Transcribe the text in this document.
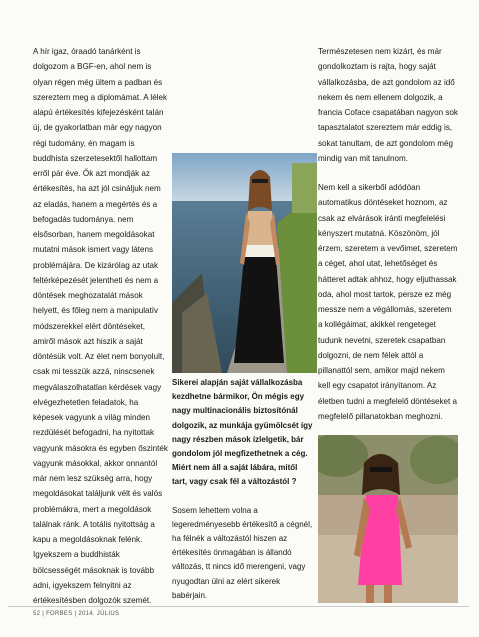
A hír igaz, óraadó tanárként is dolgozom a BGF-en, ahol nem is olyan régen még ültem a padban és szereztem meg a diplomámat. A lélek alapú értékesítés kifejezésként talán új, de gyakorlatban már egy nagyon régi tudomány, én magam is buddhista szerzetesektől hallottam erről pár éve. Ők azt mondják az értékesítés, ha azt jól csináljuk nem az eladás, hanem a megértés és a befogadás tudománya. nem elsősorban, hanem megoldásokat mutatni mások ismert vagy látens problémájára. De kizárólag az utak feltérképezését jelentheti és nem a döntések meghozatalát mások helyett, és főleg nem a manipulatív módszerekkel elért döntéseket, amiről mások azt hiszik a saját döntésük volt. Az élet nem bonyolult, csak mi tesszük azzá, ninscsenek megválaszolhatatlan kérdések vagy elvégezhetetlen feladatok, ha képesek vagyunk a világ minden rezdülését befogadni, ha nyitottak vagyunk másokra és egyben őszinték vagyunk másokkal, akkor onnantól már nem lesz szükség arra, hogy megoldásokat találjunk vélt és valós problémákra, mert a megoldások találnak ránk. A totális nyitottság a kapu a megoldásoknak felénk. Igyekszem a buddhisták bölcsességét másoknak is tovább adni, igyekszem felnyitni az értékesítésben dolgozók szemét.

Sikerei alapján saját vállalkozásba kezdhetne bármikor, Ön mégis egy nagy multinacionális biztosítónál dolgozik, az munkája gyümölcsét így nagy részben mások ízlelgetik, bár gondolom jól megfizethetnek a cég. Miért nem áll a saját lábára, mitől tart, vagy csak fél a változástól ?

Sosem lehettem volna a legeredményesebb értékesítő a cégnél, ha félnék a változástól hiszen az értékesítés önmagában is állandó változás, tt nincs idő merengeni, vagy nyugodtan ülni az elért sikerek babérjain.

Természetesen nem kizárt, és már gondolkoztam is rajta, hogy saját vállalkozásba, de azt gondolom az idő nekem és nem ellenem dolgozik, a francia Coface csapatában nagyon sok tapasztalatot szereztem már eddig is, sokat tanultam, de azt gondolom még mindig van mit tanulnom.

Nem kell a sikerből adódóan automatikus döntéseket hoznom, az csak az elvárások iránti megfelelési kényszert mutatná. Köszönöm, jól érzem, szeretem a vevőimet, szeretem a céget, ahol utat, lehetőséget és hátteret adtak ahhoz, hogy eljuthassak oda, ahol most tartok, persze ez még messze nem a végállomás, szeretem a kollégáimat, akikkel rengeteget tudunk nevetni, szeretek csapatban dolgozni, de nem félek attól a pillanattól sem, amikor majd nekem kell egy csapatot irányítanom. Az életben tudni a megfelelő döntéseket a megfelelő pillanatokban meghozni.

52 | FORBES | 2014. JÚLIUS
